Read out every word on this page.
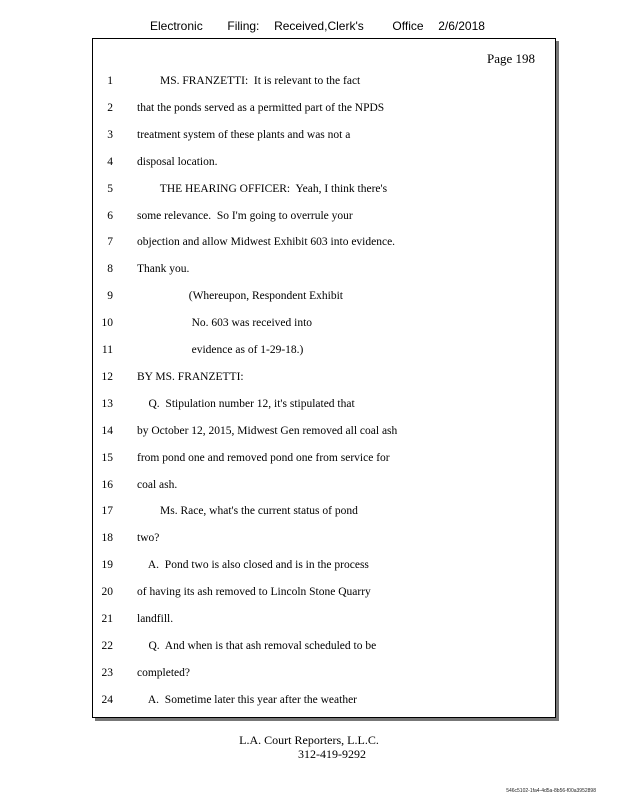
Electronic Filing: Received,Clerk's Office 2/6/2018
Page 198
1 MS. FRANZETTI:  It is relevant to the fact
2 that the ponds served as a permitted part of the NPDS
3 treatment system of these plants and was not a
4 disposal location.
5 THE HEARING OFFICER:  Yeah, I think there's
6 some relevance.  So I'm going to overrule your
7 objection and allow Midwest Exhibit 603 into evidence.
8 Thank you.
9 (Whereupon, Respondent Exhibit
10 No. 603 was received into
11 evidence as of 1-29-18.)
12 BY MS. FRANZETTI:
13 Q.  Stipulation number 12, it's stipulated that
14 by October 12, 2015, Midwest Gen removed all coal ash
15 from pond one and removed pond one from service for
16 coal ash.
17 Ms. Race, what's the current status of pond
18 two?
19 A.  Pond two is also closed and is in the process
20 of having its ash removed to Lincoln Stone Quarry
21 landfill.
22 Q.  And when is that ash removal scheduled to be
23 completed?
24 A.  Sometime later this year after the weather
L.A. Court Reporters, L.L.C.
312-419-9292
546c5102-1fa4-4d5a-8b56-f00a3952898
